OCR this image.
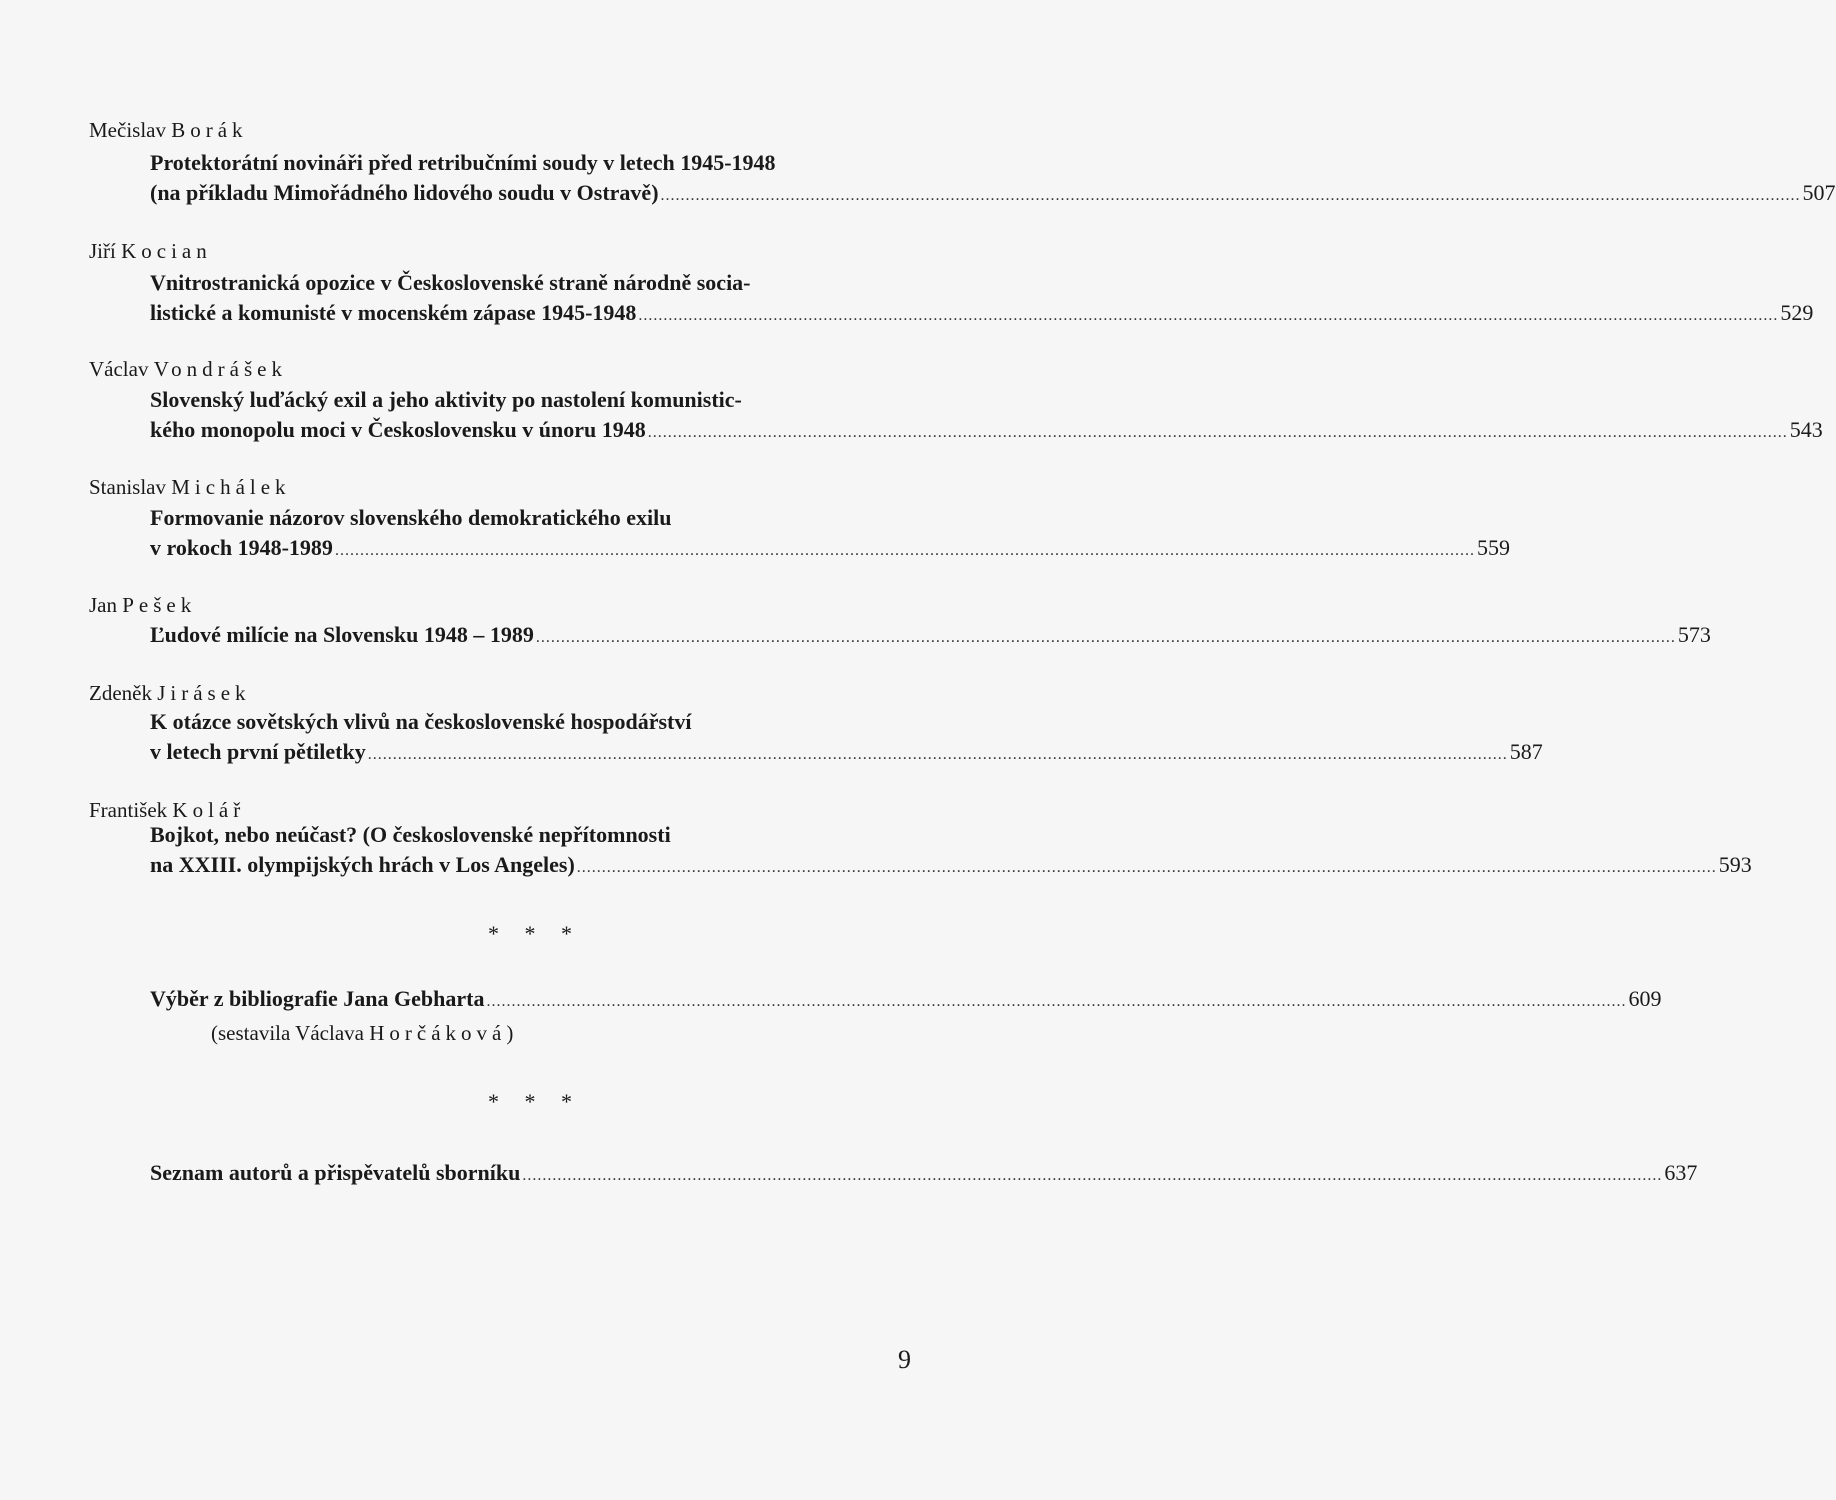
Mečislav Borák
Protektorátní novináři před retribučními soudy v letech 1945-1948
(na příkladu Mimořádného lidového soudu v Ostravě) .................................................................................................................................................................................................................................... 507
Jiří Kocian
Vnitrostranická opozice v Československé straně národně socia-
listické a komunisté v mocenském zápase 1945-1948 .................................................................................................................................................................................................................................... 529
Václav Vondrášek
Slovenský luďácký exil a jeho aktivity po nastolení komunistic-
kého monopolu moci v Československu v únoru 1948 .................................................................................................................................................................................................................................... 543
Stanislav Michálek
Formovanie názorov slovenského demokratického exilu
v rokoch 1948-1989 .................................................................................................................................................................................................................................... 559
Jan Pešek
Ľudové milície na Slovensku 1948 – 1989 .................................................................................................................................................................................................................................... 573
Zdeněk Jirásek
K otázce sovětských vlivů na československé hospodářství
v letech první pětiletky .................................................................................................................................................................................................................................... 587
František Kolář
Bojkot, nebo neúčast? (O československé nepřítomnosti
na XXIII. olympijských hrách v Los Angeles) .................................................................................................................................................................................................................................... 593
* * *
Výběr z bibliografie Jana Gebharta .................................................................................................................................................................................................................................... 609
(sestavila Václava Horčáková)
* * *
Seznam autorů a přispěvatelů sborníku .................................................................................................................................................................................................................................... 637
9
